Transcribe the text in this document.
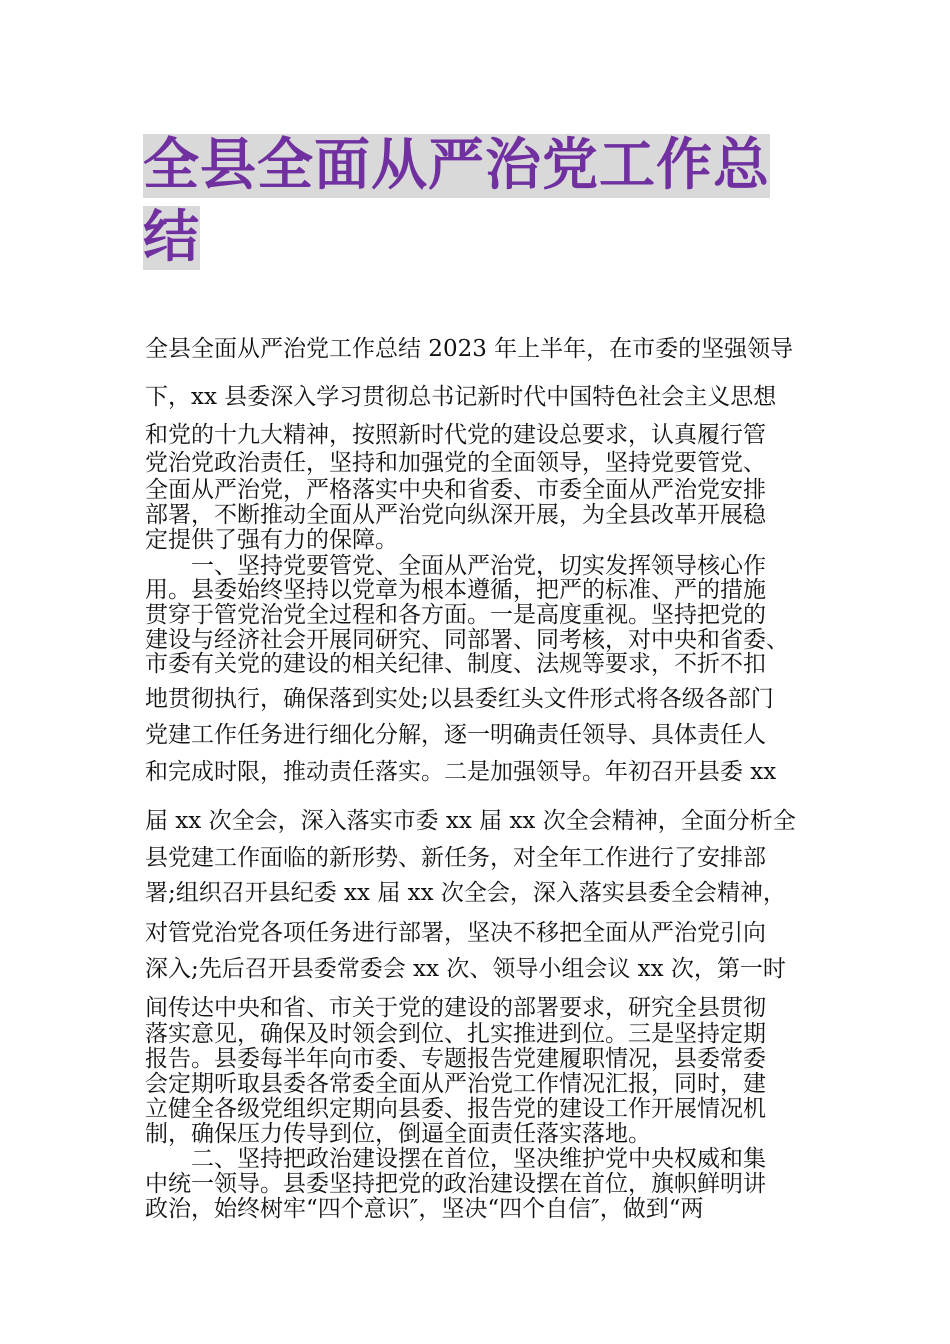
全县全面从严治党工作总
结
全县全面从严治党工作总结 2023 年上半年，在市委的坚强领导
下，xx 县委深入学习贯彻总书记新时代中国特色社会主义思想
和党的十九大精神，按照新时代党的建设总要求，认真履行管
党治党政治责任，坚持和加强党的全面领导，坚持党要管党、
全面从严治党，严格落实中央和省委、市委全面从严治党安排
部署，不断推动全面从严治党向纵深开展，为全县改革开展稳
定提供了强有力的保障。
　　一、坚持党要管党、全面从严治党，切实发挥领导核心作
用。县委始终坚持以党章为根本遵循，把严的标准、严的措施
贯穿于管党治党全过程和各方面。一是高度重视。坚持把党的
建设与经济社会开展同研究、同部署、同考核，对中央和省委、
市委有关党的建设的相关纪律、制度、法规等要求，不折不扣
地贯彻执行，确保落到实处;以县委红头文件形式将各级各部门
党建工作任务进行细化分解，逐一明确责任领导、具体责任人
和完成时限，推动责任落实。二是加强领导。年初召开县委 xx
届 xx 次全会，深入落实市委 xx 届 xx 次全会精神，全面分析全
县党建工作面临的新形势、新任务，对全年工作进行了安排部
署;组织召开县纪委 xx 届 xx 次全会，深入落实县委全会精神，
对管党治党各项任务进行部署，坚决不移把全面从严治党引向
深入;先后召开县委常委会 xx 次、领导小组会议 xx 次，第一时
间传达中央和省、市关于党的建设的部署要求，研究全县贯彻
落实意见，确保及时领会到位、扎实推进到位。三是坚持定期
报告。县委每半年向市委、专题报告党建履职情况，县委常委
会定期听取县委各常委全面从严治党工作情况汇报，同时，建
立健全各级党组织定期向县委、报告党的建设工作开展情况机
制，确保压力传导到位，倒逼全面责任落实落地。
　　二、坚持把政治建设摆在首位，坚决维护党中央权威和集
中统一领导。县委坚持把党的政治建设摆在首位，旗帜鲜明讲
政治，始终树牢“四个意识″，坚决“四个自信″，做到“两
